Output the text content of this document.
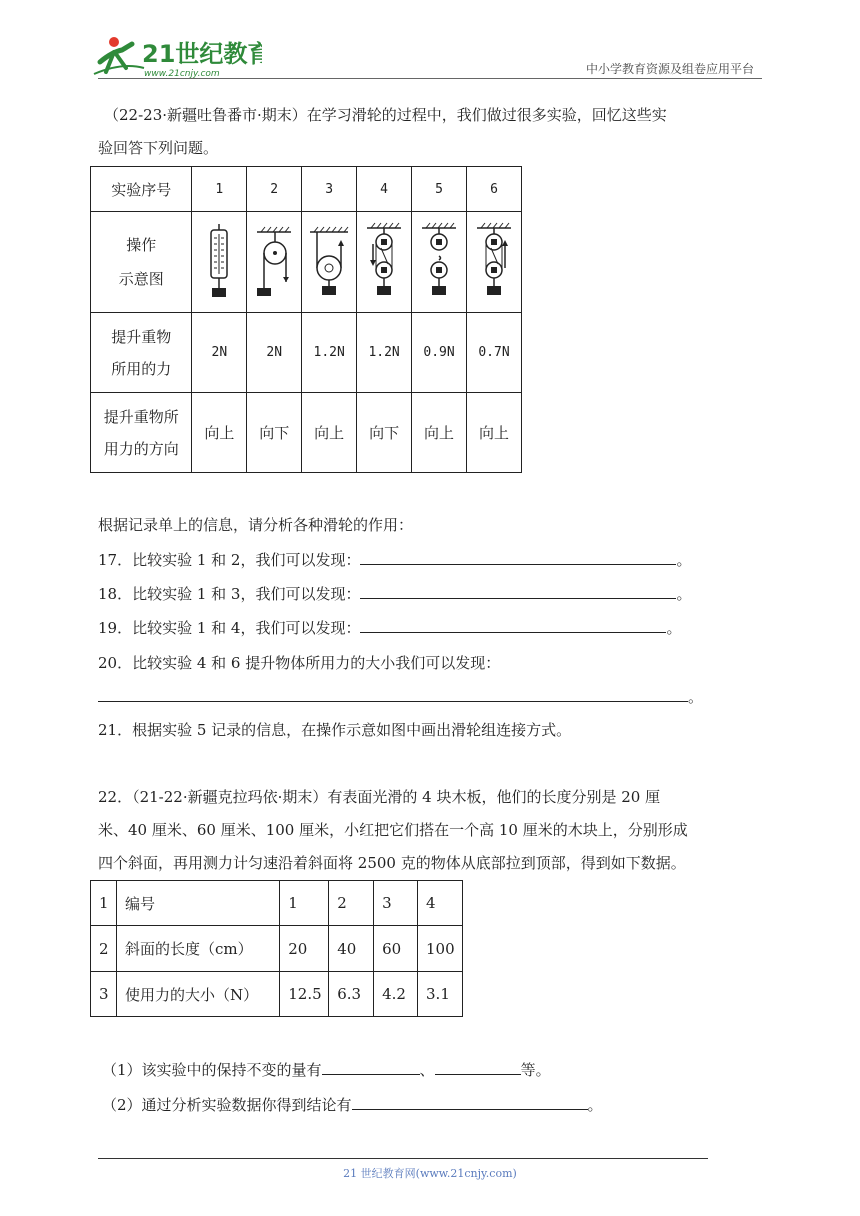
21世纪教育
www.21cnjy.com	中小学教育资源及组卷应用平台
（22-23·新疆吐鲁番市·期末）在学习滑轮的过程中，我们做过很多实验，回忆这些实
验回答下列问题。
实验序号	1	2	3	4	5	6

操作
示意图

提升重物
所用的力	2N	2N	1.2N	1.2N	0.9N	0.7N

提升重物所
用力的方向	向上	向下	向上	向下	向上	向上
根据记录单上的信息，请分析各种滑轮的作用：
17．比较实验 1 和 2，我们可以发现：	。
18．比较实验 1 和 3，我们可以发现：	。
19．比较实验 1 和 4，我们可以发现：	。
20．比较实验 4 和 6 提升物体所用力的大小我们可以发现：
。
21．根据实验 5 记录的信息，在操作示意如图中画出滑轮组连接方式。
22．（21-22·新疆克拉玛依·期末）有表面光滑的 4 块木板，他们的长度分别是 20 厘
米、40 厘米、60 厘米、100 厘米，小红把它们搭在一个高 10 厘米的木块上，分别形成
四个斜面，再用测力计匀速沿着斜面将 2500 克的物体从底部拉到顶部，得到如下数据。
1	编号	1	2	3	4
2	斜面的长度（cm）	20	40	60	100
3	使用力的大小（N）	12.5	6.3	4.2	3.1
（1）该实验中的保持不变的量有	、	等。
（2）通过分析实验数据你得到结论有	。
21 世纪教育网(www.21cnjy.com)
